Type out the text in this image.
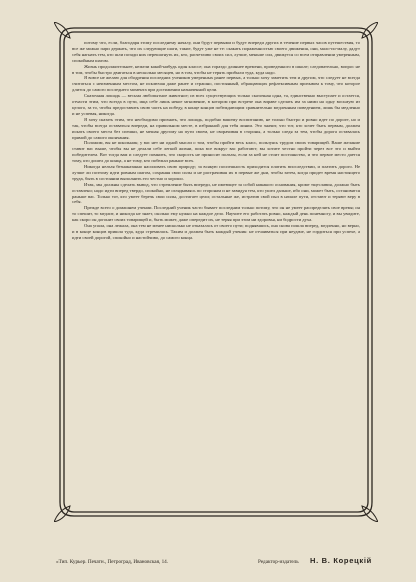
потому что, если, благодаря этому последнему началу, они будут первыми и будут впереди других в течение первых часов путешествия, то все же можно пари держать, что их следующие шаги, такие, будут уже не те: скакать пораженностью своего движения, они, мало-по-малу, дадут себя нагнать тем, кто шли позади них перешагнуть их, кто, расчетливо своих сил, лучше, меньше сил, движутся со всем отправлении умеренным, спокойным шагом.

Жизнь продолжительнее, нежели какой-нибудь один классе; она гораздо длиннее времени, проведенного в школе; следовательно, вопрос не в том, чтобы быстро двигаться в несколько месяцев, но в том, чтобы не терять прибыли туда, куда надо.

Я вовсе не желаю для ободрения последних учеников умеренных ранее первых, а только хочу заметить тем и другим, что следует не всегда считаться с неизменным местом, не исключая даже ранее и страшно, постоянный, обращающих рефлексивным призывом к тому, что которое длится до самого последнего момента при достижении назначенной цели.

Сказочная лошадь — весьма любопытное животное; из всех существующих только сказочная одна, та, единственно выступает и остается, отчасти этим, что всегда в пути, ища себе лишь некое мгновение, в котором при встрече она вправе сделать им за ними на одну восьмую из целого, за то, чтобы предоставить свою часть на победу, в конце концов побеждающим сравнительно медленным поведением, лишь бы медленно и не успевая, никогда.

Я хочу сказать этим, что необходимо признать, что лошадь, подобно вашему воспитанию, не только быстро и ровно идет по дороге, но и так, чтобы всегда оставаться впереди, на правильном месте, в избранной для тебя линии. Это значит, что тот, кто хочет быть первым, должен искать своего места без спешки, не мешая другому на пути своем, не сворачивая в стороны, а только следя за тем, чтобы дорога оставалась прямой до самого окончания.

Положим, вы не школьник; у вас нет ни одной мысли о том, чтобы пройти весь класс, пользуясь трудом своих товарищей. Ваше желание ставит вас выше, чтобы вы не делали себе легкой жизни, пока все вокруг вас работают; вы хотите честно пройти через все это и выйти победителем. Вот тогда вам и следует помнить, что скорость не приносит пользы, если за ней не стоит постоянство, и что первое место дается тому, кто дошел до конца, а не тому, кто побежал раньше всех.

Никогда нельзя безнаказанно насиловать свою природу; за всякую поспешность приходится платить впоследствии, и платить дорого. Не лучше ли поэтому идти ровным шагом, сохраняя свои силы и не растрачивая их в первые же дни, чтобы затем, когда придет время настоящего труда, быть в состоянии выполнить его честно и хорошо.

Итак, мы должны сделать вывод, что стремление быть впереди, не имеющее за собой никакого основания, кроме тщеславия, должно быть оставлено; надо идти вперед твердо, спокойно, не оглядываясь по сторонам и не завидуя тем, кто ушел дальше, ибо они, может быть, остановятся раньше вас. Только тот, кто умеет беречь свои силы, достигает цели; остальные же, истратив свой пыл в начале пути, отстают и теряют веру в себя.

Прежде всего о домашнем учении. Последний ученик часто бывает последним только потому, что он не умеет распределять свое время; он то спешит, то медлит, и никогда не знает, сколько ему нужно на каждое дело. Научите его работать ровно, каждый день понемногу, и вы увидите, как скоро он догонит своих товарищей и, быть может, даже опередит их, не теряя при этом ни здоровья, ни бодрости духа.

Она упала, она лежала, она тем не менее нисколько не отказалась от своего пути; поднявшись, она снова пошла вперед, медленно, но верно, и в конце концов пришла туда, куда стремилась. Таким и должен быть каждый ученик: не отчаиваться при неудаче, не гордиться при успехе, а идти своей дорогой, спокойно и настойчиво, до самого конца.

«Тип. Курьер. Печатн., Петроград, Ивановская, 14.	Редактор-издатель Н. В. Корецкій
